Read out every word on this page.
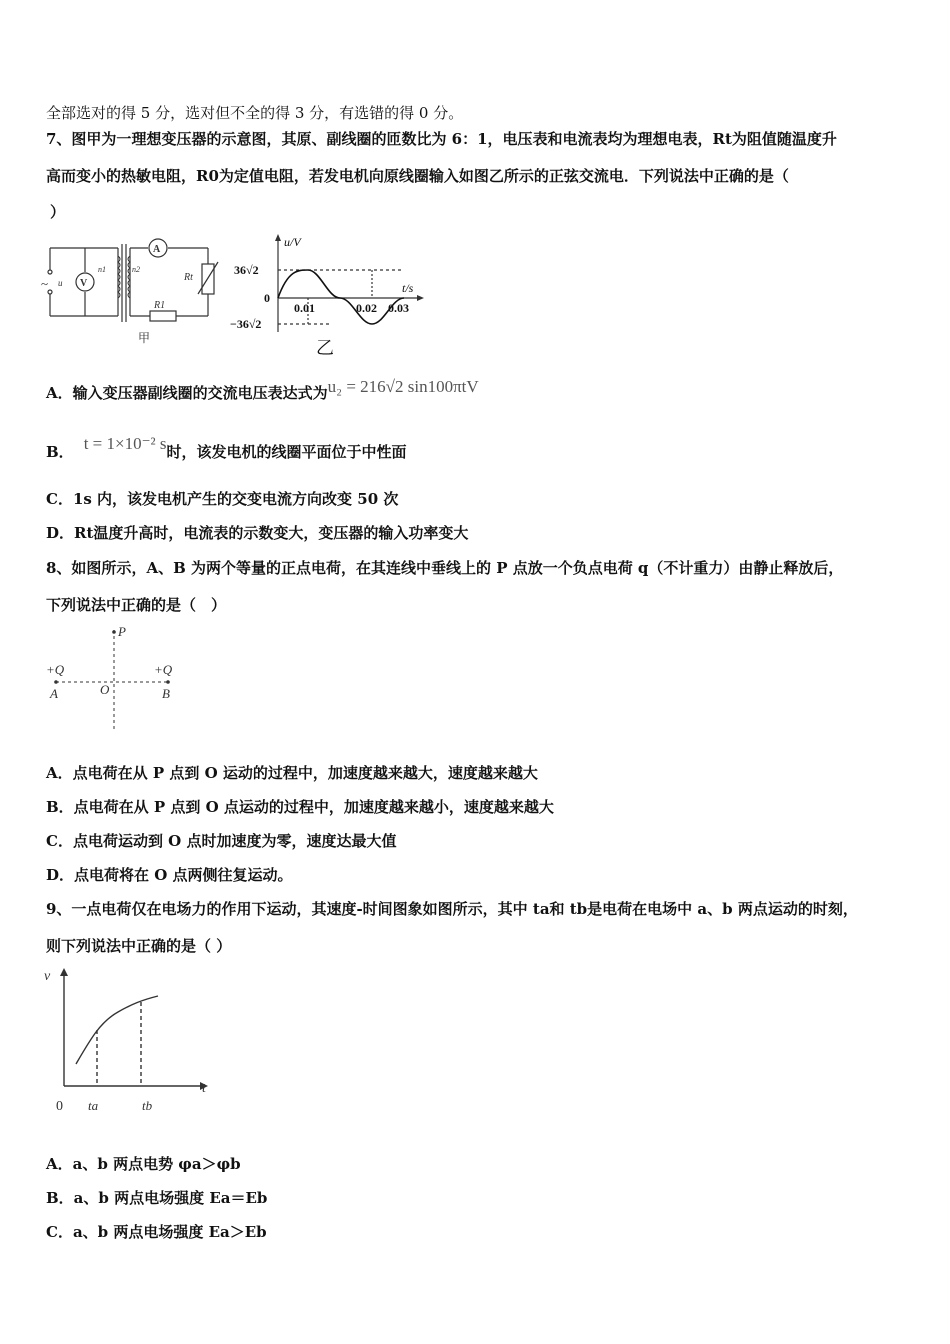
全部选对的得 5 分，选对但不全的得 3 分，有选错的得 0 分。
7、图甲为一理想变压器的示意图，其原、副线圈的匝数比为 6：1，电压表和电流表均为理想电表，Rt为阻值随温度升
高而变小的热敏电阻，R0为定值电阻，若发电机向原线圈输入如图乙所示的正弦交流电．下列说法中正确的是（
）
~ u V
A
n1	n2
Rt
R1
甲
u/V
t/s
36√2
0
−36√2
0.01	0.02 0.03
乙
A．输入变压器副线圈的交流电压表达式为u₂ = 216√2 sin100πtV
B． t = 1×10⁻² s时，该发电机的线圈平面位于中性面
C．1s 内，该发电机产生的交变电流方向改变 50 次
D．Rt温度升高时，电流表的示数变大，变压器的输入功率变大
8、如图所示，A、B 为两个等量的正点电荷，在其连线中垂线上的 P 点放一个负点电荷 q（不计重力）由静止释放后，
下列说法中正确的是（　）
P
+Q	+Q
A	O	B
A．点电荷在从 P 点到 O 运动的过程中，加速度越来越大，速度越来越大
B．点电荷在从 P 点到 O 点运动的过程中，加速度越来越小，速度越来越大
C．点电荷运动到 O 点时加速度为零，速度达最大值
D．点电荷将在 O 点两侧往复运动。
9、一点电荷仅在电场力的作用下运动，其速度-时间图象如图所示，其中 ta和 tb是电荷在电场中 a、b 两点运动的时刻，
则下列说法中正确的是（ ）
v
t
0 ta	tb
A．a、b 两点电势 φa＞φb
B．a、b 两点电场强度 Ea＝Eb
C．a、b 两点电场强度 Ea＞Eb
